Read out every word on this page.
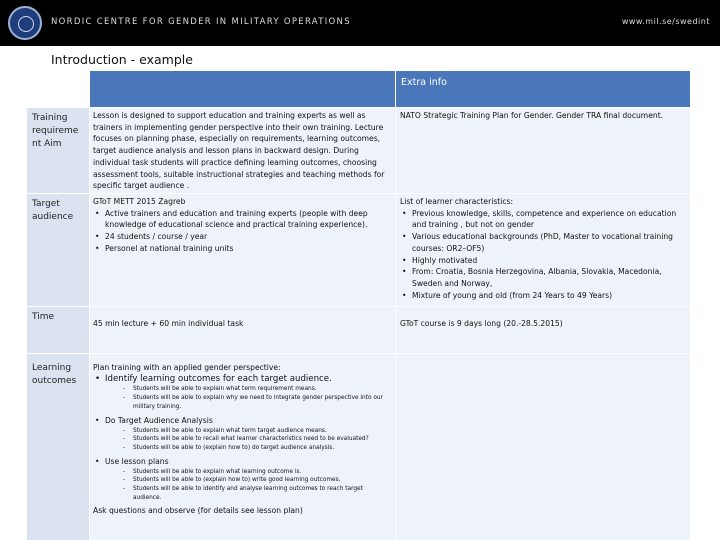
NORDIC CENTRE FOR GENDER IN MILITARY OPERATIONS	www.mil.se/swedint
Introduction - example
Extra info
Training requireme nt Aim
Lesson is designed to support education and training experts as well as trainers in implementing gender perspective into their own training. Lecture focuses on planning phase, especially on requirements, learning outcomes, target audience analysis and lesson plans in backward design. During individual task students will practice defining learning outcomes, choosing assessment tools, suitable instructional strategies and teaching methods for specific target audience .
NATO Strategic Training Plan for Gender. Gender TRA final document.
Target audience

GToT METT 2015 Zagreb

• Active trainers and education and training experts (people with deep knowledge of educational science and practical training experience).
• 24 students / course / year
• Personel at national training units

List of learner characteristics:

• Previous knowledge, skills, competence and experience on education and training , but not on gender
• Various educational backgrounds (PhD, Master to vocational training courses: OR2–OF5)
• Highly motivated
• From: Croatia, Bosnia Herzegovina, Albania, Slovakia, Macedonia, Sweden and Norway,
• Mixture of young and old (from 24 Years to 49 Years)
Time
45 min lecture + 60 min individual task	GToT course is 9 days long (20.-28.5.2015)
Learning outcomes

Plan training with an applied gender perspective:

• Identify learning outcomes for each target audience.
- Students will be able to explain what term requirement means.
- Students will be able to explain why we need to integrate gender perspective into our military training.
• Do Target Audience Analysis
- Students will be able to explain what term target audience means.
- Students will be able to recall what learner characteristics need to be evaluated?
- Students will be able to (explain how to) do target audience analysis.
• Use lesson plans
- Students will be able to explain what learning outcome is.
- Students will be able to (explain how to) write good learning outcomes.
- Students will be able to identify and analyse learning outcomes to reach target audience.

Ask questions and observe (for details see lesson plan)
